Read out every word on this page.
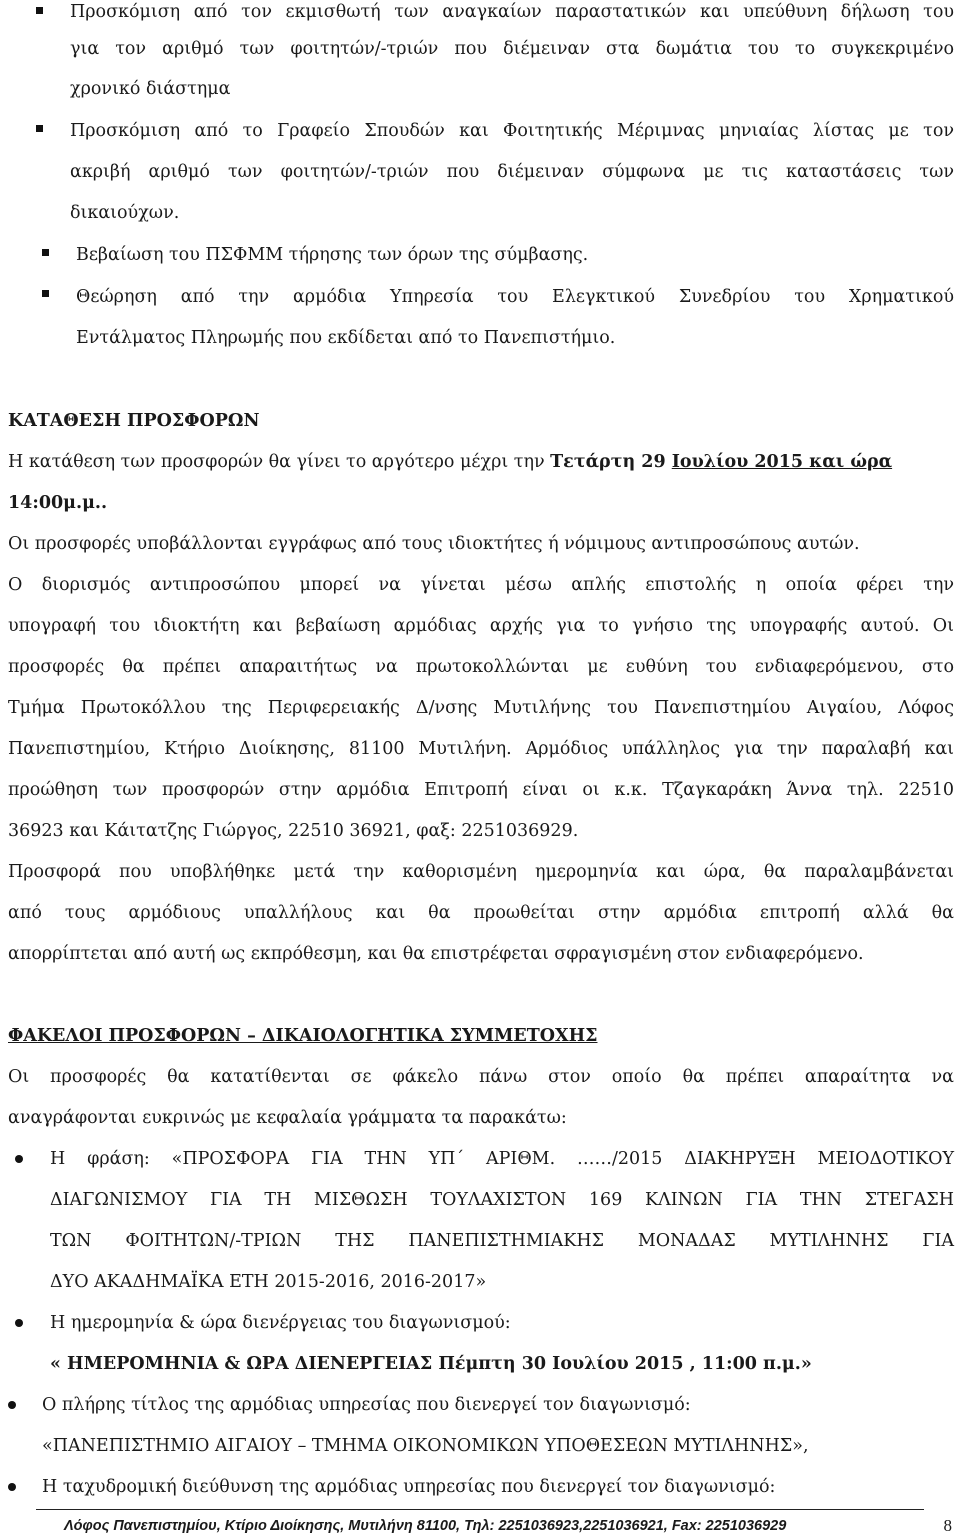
Προσκόμιση από τον εκμισθωτή των αναγκαίων παραστατικών και υπεύθυνη δήλωση του
για τον αριθμό των φοιτητών/-τριών που διέμειναν στα δωμάτια του το συγκεκριμένο
χρονικό διάστημα
Προσκόμιση από το Γραφείο Σπουδών και Φοιτητικής Μέριμνας μηνιαίας λίστας με τον
ακριβή αριθμό των φοιτητών/-τριών που διέμειναν σύμφωνα με τις καταστάσεις των
δικαιούχων.
Βεβαίωση του ΠΣΦΜΜ τήρησης των όρων της σύμβασης.
Θεώρηση από την αρμόδια Υπηρεσία του Ελεγκτικού Συνεδρίου του Χρηματικού
Εντάλματος Πληρωμής που εκδίδεται από το Πανεπιστήμιο.
ΚΑΤΑΘΕΣΗ ΠΡΟΣΦΟΡΩΝ
Η κατάθεση των προσφορών θα γίνει το αργότερο μέχρι την Τετάρτη 29 Ιουλίου 2015 και ώρα
14:00μ.μ..
Οι προσφορές υποβάλλονται εγγράφως από τους ιδιοκτήτες ή νόμιμους αντιπροσώπους αυτών.
Ο διορισμός αντιπροσώπου μπορεί να γίνεται μέσω απλής επιστολής η οποία φέρει την
υπογραφή του ιδιοκτήτη και βεβαίωση αρμόδιας αρχής για το γνήσιο της υπογραφής αυτού. Οι
προσφορές θα πρέπει απαραιτήτως να πρωτοκολλώνται με ευθύνη του ενδιαφερόμενου, στο
Τμήμα Πρωτοκόλλου της Περιφερειακής Δ/νσης Μυτιλήνης του Πανεπιστημίου Αιγαίου, Λόφος
Πανεπιστημίου, Κτήριο Διοίκησης, 81100 Μυτιλήνη. Αρμόδιος υπάλληλος για την παραλαβή και
προώθηση των προσφορών στην αρμόδια Επιτροπή είναι οι κ.κ. Τζαγκαράκη Άννα τηλ. 22510
36923 και Κάιτατζης Γιώργος, 22510 36921, φαξ: 2251036929.
Προσφορά που υποβλήθηκε μετά την καθορισμένη ημερομηνία και ώρα, θα παραλαμβάνεται
από τους αρμόδιους υπαλλήλους και θα προωθείται στην αρμόδια επιτροπή αλλά θα
απορρίπτεται από αυτή ως εκπρόθεσμη, και θα επιστρέφεται σφραγισμένη στον ενδιαφερόμενο.
ΦΑΚΕΛΟΙ ΠΡΟΣΦΟΡΩΝ – ΔΙΚΑΙΟΛΟΓΗΤΙΚΑ ΣΥΜΜΕΤΟΧΗΣ
Οι προσφορές θα κατατίθενται σε φάκελο πάνω στον οποίο θα πρέπει απαραίτητα να
αναγράφονται ευκρινώς με κεφαλαία γράμματα τα παρακάτω:
Η φράση: «ΠΡΟΣΦΟΡΑ ΓΙΑ ΤΗΝ ΥΠ΄ ΑΡΙΘΜ. ……/2015 ΔΙΑΚΗΡΥΞΗ ΜΕΙΟΔΟΤΙΚΟΥ
ΔΙΑΓΩΝΙΣΜΟΥ ΓΙΑ ΤΗ ΜΙΣΘΩΣΗ ΤΟΥΛΑΧΙΣΤΟΝ 169 ΚΛΙΝΩΝ ΓΙΑ ΤΗΝ ΣΤΕΓΑΣΗ
ΤΩΝ ΦΟΙΤΗΤΩΝ/-ΤΡΙΩΝ ΤΗΣ ΠΑΝΕΠΙΣΤΗΜΙΑΚΗΣ ΜΟΝΑΔΑΣ ΜΥΤΙΛΗΝΗΣ ΓΙΑ
ΔΥΟ ΑΚΑΔΗΜΑΪΚΑ ΕΤΗ 2015-2016, 2016-2017»
Η ημερομηνία & ώρα διενέργειας του διαγωνισμού:
« ΗΜΕΡΟΜΗΝΙΑ & ΩΡΑ ΔΙΕΝΕΡΓΕΙΑΣ Πέμπτη 30 Ιουλίου 2015 , 11:00 π.μ.»
Ο πλήρης τίτλος της αρμόδιας υπηρεσίας που διενεργεί τον διαγωνισμό:
«ΠΑΝΕΠΙΣΤΗΜΙΟ ΑΙΓΑΙΟΥ – ΤΜΗΜΑ ΟΙΚΟΝΟΜΙΚΩΝ ΥΠΟΘΕΣΕΩΝ ΜΥΤΙΛΗΝΗΣ»,
Η ταχυδρομική διεύθυνση της αρμόδιας υπηρεσίας που διενεργεί τον διαγωνισμό:
Λόφος Πανεπιστημίου, Κτίριο Διοίκησης, Μυτιλήνη 81100, Τηλ: 2251036923,2251036921, Fax: 2251036929	8
